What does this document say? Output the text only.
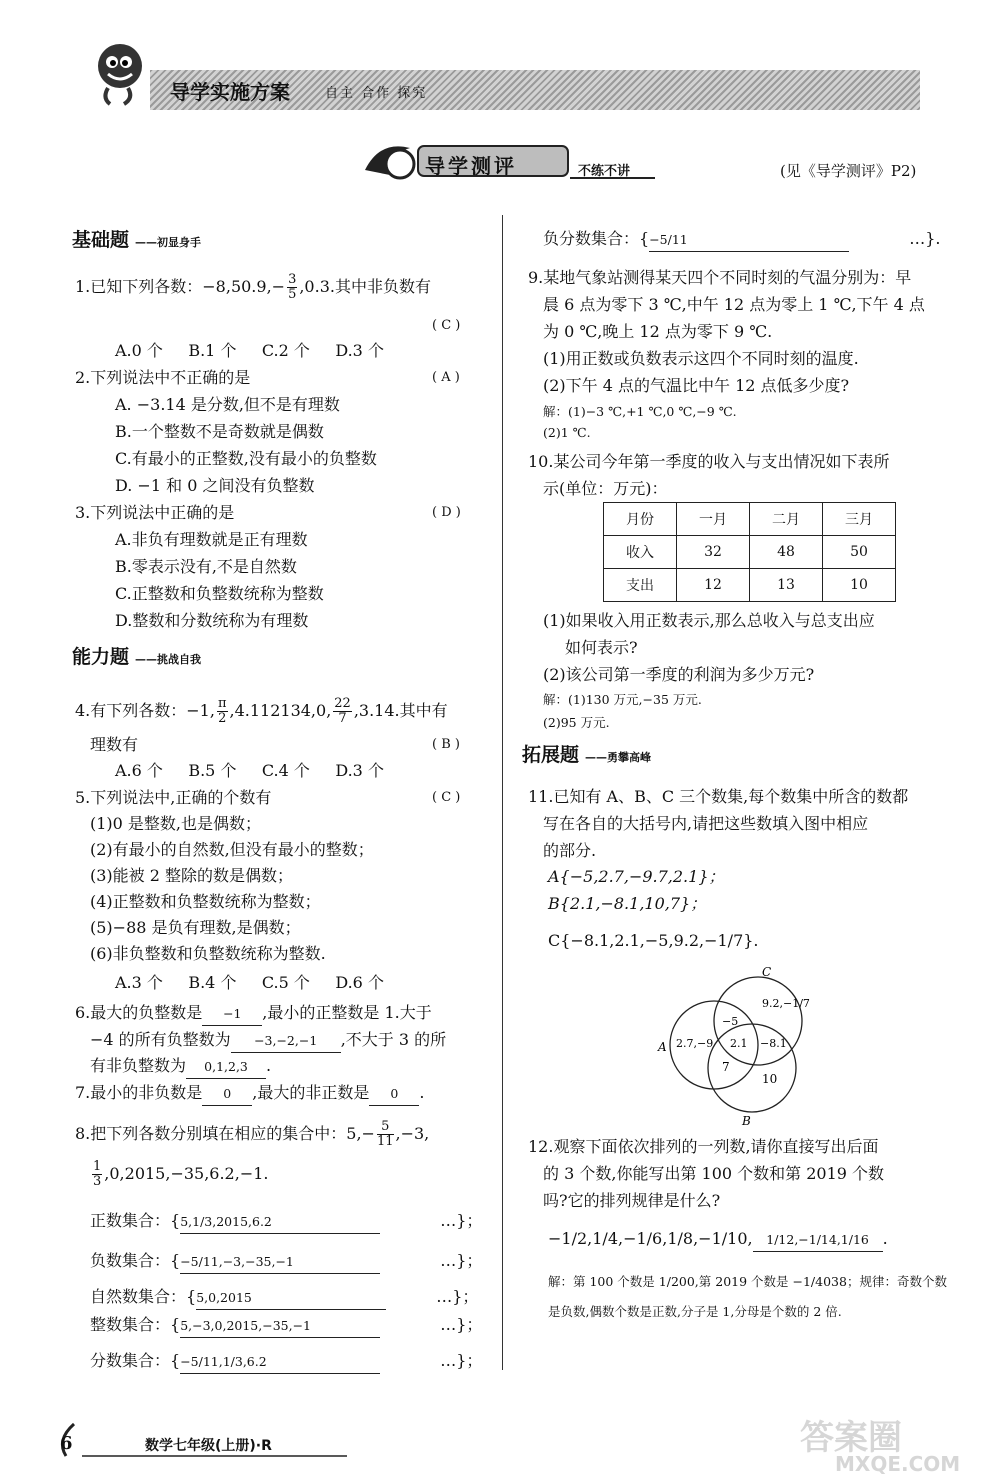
导学实施方案	自主 合作 探究
导学测评	不练不讲	(见《导学测评》P2)
基础题 ——初显身手
1.已知下列各数：$-8,50.9,- \frac{3}{5} ,0.3$.其中非负数有
( C )
A.0 个     B.1 个     C.2 个     D.3 个
2.下列说法中不正确的是	( A )
A. −3.14 是分数,但不是有理数
B.一个整数不是奇数就是偶数
C.有最小的正整数,没有最小的负整数
D. −1 和 0 之间没有负整数
3.下列说法中正确的是	( D )
A.非负有理数就是正有理数
B.零表示没有,不是自然数
C.正整数和负整数统称为整数
D.整数和分数统称为有理数
能力题 ——挑战自我
4.有下列各数：−1, $\frac{\pi}{2} ,4.112134,0$, $\frac{22}{7} ,3.14$.其中有
理数有	( B )
A.6 个     B.5 个     C.4 个     D.3 个
5.下列说法中,正确的个数有	( C )
(1)0 是整数,也是偶数；
(2)有最小的自然数,但没有最小的整数；
(3)能被 2 整除的数是偶数；
(4)正整数和负整数统称为整数；
(5)−88 是负有理数,是偶数；
(6)非负整数和负整数统称为整数.
A.3 个     B.4 个     C.5 个     D.6 个
6.最大的负整数是 −1 ,最小的正整数是 1.大于
−4 的所有负整数为 −3,−2,−1 ,不大于 3 的所
有非负整数为 0,1,2,3 .
7.最小的非负数是 0 ,最大的非正数是 0 .
8.把下列各数分别填在相应的集合中：$5,- \frac{5}{11} ,-3$,
$\frac{1}{3} ,0,2015,-35,6.2,-1$.
正数集合：{5,1/3,2015,6.2	…}；
负数集合：{−5/11,−3,−35,−1	…}；
自然数集合：{5,0,2015	…}；
整数集合：{5,−3,0,2015,−35,−1	…}；
分数集合：{−5/11,1/3,6.2	…}；
负分数集合：{−5/11	…}.
9.某地气象站测得某天四个不同时刻的气温分别为：早
晨 6 点为零下 3 ℃,中午 12 点为零上 1 ℃,下午 4 点
为 0 ℃,晚上 12 点为零下 9 ℃.
(1)用正数或负数表示这四个不同时刻的温度.
(2)下午 4 点的气温比中午 12 点低多少度?
解：(1)−3 ℃,+1 ℃,0 ℃,−9 ℃.
(2)1 ℃.
10.某公司今年第一季度的收入与支出情况如下表所
示(单位：万元)：
月份	一月	二月	三月
收入	32	48	50
支出	12	13	10
(1)如果收入用正数表示,那么总收入与总支出应
如何表示?
(2)该公司第一季度的利润为多少万元?
解：(1)130 万元,−35 万元.
(2)95 万元.
拓展题 ——勇攀高峰
11.已知有 A、B、C 三个数集,每个数集中所含的数都
写在各自的大括号内,请把这些数填入图中相应
的部分.
A{−5,2.7,−9.7,2.1}；
B{2.1,−8.1,10,7}；
C{−8.1,2.1,−5,9.2,−1/7}.
C
A
B
9.2,−1/7
−5
2.7,−9 2.1 −8.1
7
10
12.观察下面依次排列的一列数,请你直接写出后面
的 3 个数,你能写出第 100 个数和第 2019 个数
吗?它的排列规律是什么?
−1/2,1/4,−1/6,1/8,−1/10, 1/12,−1/14,1/16 .
解：第 100 个数是 1/200,第 2019 个数是 −1/4038；规律：奇数个数
是负数,偶数个数是正数,分子是 1,分母是个数的 2 倍.
6	数学七年级(上册)·R	答案圈
MXQE.COM
